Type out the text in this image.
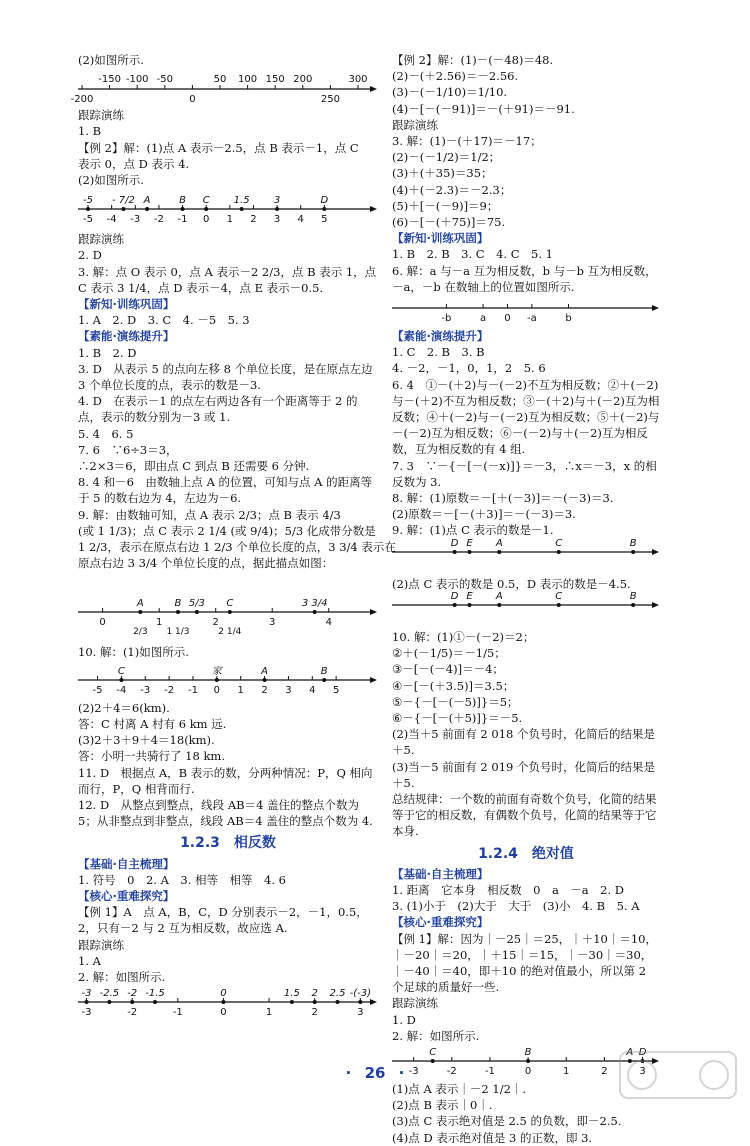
(2)如图所示.
-200
-150 -100 -50
0
50 100 150 200
250
300
跟踪演练
1. B
【例 2】解：(1)点 A 表示－2.5，点 B 表示－1，点 C
表示 0，点 D 表示 4.
(2)如图所示.
-5 -4 -3 -2 -1 0 1 2 3 4 5
-5 - 7/2 A	B C 1.5 3	D
跟踪演练
2. D
3. 解：点 O 表示 0，点 A 表示－2 2/3，点 B 表示 1，点
C 表示 3 1/4，点 D 表示－4，点 E 表示－0.5.
【新知·训练巩固】
1. A　2. D　3. C　4. －5　5. 3
【素能·演练提升】
1. B　2. D
3. D　从表示 5 的点向左移 8 个单位长度，是在原点左边 3 个单位长度的点，表示的数是－3.
4. D　在表示－1 的点左右两边各有一个距离等于 2 的点，表示的数分别为－3 或 1.
5. 4　6. 5
7. 6　∵6÷3＝3，
∴2×3＝6，即由点 C 到点 B 还需要 6 分钟.
8. 4 和－6　由数轴上点 A 的位置，可知与点 A 的距离等于 5 的数右边为 4，左边为－6.
9. 解：由数轴可知，点 A 表示 2/3；点 B 表示 4/3
(或 1 1/3)；点 C 表示 2 1/4 (或 9/4)；5/3 化成带分数是
1 2/3，表示在原点右边 1 2/3 个单位长度的点，3 3/4 表示在
原点右边 3 3/4 个单位长度的点，据此描点如图：
0	1	2	3	4
A
2/3
B
1 1/3
5/3 C
2 1/4
3 3/4
10. 解：(1)如图所示.
-5 -4 -3 -2 -1 0 1 2 3 4 5
C	家	A	B
(2)2＋4＝6(km).
答：C 村离 A 村有 6 km 远.
(3)2＋3＋9＋4＝18(km).
答：小明一共骑行了 18 km.
11. D　根据点 A，B 表示的数，分两种情况：P，Q 相向而行，P，Q 相背而行.
12. D　从整点到整点，线段 AB＝4 盖住的整点个数为 5；从非整点到非整点，线段 AB＝4 盖住的整点个数为 4.
1.2.3　相反数
【基础·自主梳理】
1. 符号　0　2. A　3. 相等　相等　4. 6
【核心·重难探究】
【例 1】A　点 A，B，C，D 分别表示－2，－1，0.5，2，只有－2 与 2 互为相反数，故应选 A.
跟踪演练
1. A
2. 解：如图所示.
-3	-2	-1	0	1	2	3
-3 -2.5 -2 -1.5	0	1.5 2 2.5 -(-3)
【例 2】解：(1)－(－48)＝48.
(2)－(＋2.56)＝－2.56.
(3)－(－1/10)＝1/10.
(4)－[－(－91)]＝－(＋91)＝－91.
跟踪演练
3. 解：(1)－(＋17)＝－17；
(2)－(－1/2)＝1/2；
(3)＋(＋35)＝35；
(4)＋(－2.3)＝－2.3；
(5)＋[－(－9)]＝9；
(6)－[－(＋75)]＝75.
【新知·训练巩固】
1. B　2. B　3. C　4. C　5. 1
6. 解：a 与－a 互为相反数，b 与－b 互为相反数，
－a，－b 在数轴上的位置如图所示.
-b	a 0 -a	b
【素能·演练提升】
1. C　2. B　3. B
4. －2，－1，0，1，2　5. 6
6. 4　①－(＋2)与－(－2)不互为相反数；②＋(－2)与－(＋2)不互为相反数；③－(＋2)与＋(－2)互为相反数；④＋(－2)与－(－2)互为相反数；⑤＋(－2)与－(－2)互为相反数；⑥－(－2)与＋(－2)互为相反数，互为相反数的有 4 组.
7. 3　∵－{－[－(－x)]}＝－3，∴x＝－3，x 的相反数为 3.
8. 解：(1)原数＝－[＋(－3)]＝－(－3)＝3.
(2)原数＝－[－(＋3)]＝－(－3)＝3.
9. 解：(1)点 C 表示的数是－1.
D E A	C	B
(2)点 C 表示的数是 0.5，D 表示的数是－4.5.
D E A	C	B
10. 解：(1)①－(－2)＝2；
②＋(－1/5)＝－1/5；
③－[－(－4)]＝－4；
④－[－(＋3.5)]＝3.5；
⑤－{－[－(－5)]}＝5；
⑥－{－[－(＋5)]}＝－5.
(2)当＋5 前面有 2 018 个负号时，化简后的结果是＋5.
(3)当－5 前面有 2 019 个负号时，化简后的结果是＋5.
总结规律：一个数的前面有奇数个负号，化简的结果等于它的相反数，有偶数个负号，化简的结果等于它本身.
1.2.4　绝对值
【基础·自主梳理】
1. 距离　它本身　相反数　0　a　－a　2. D
3. (1)小于　(2)大于　大于　(3)小　4. B　5. A
【核心·重难探究】
【例 1】解：因为｜－25｜＝25，｜＋10｜＝10，｜－20｜＝20，｜＋15｜＝15，｜－30｜＝30，｜－40｜＝40，即＋10 的绝对值最小，所以第 2 个足球的质量好一些.
跟踪演练
1. D
2. 解：如图所示.
-3	-2	-1	0	1	2	3
C	B	A D
(1)点 A 表示｜－2 1/2｜.
(2)点 B 表示｜0｜.
(3)点 C 表示绝对值是 2.5 的负数，即－2.5.
(4)点 D 表示绝对值是 3 的正数，即 3.
· 26 ·
